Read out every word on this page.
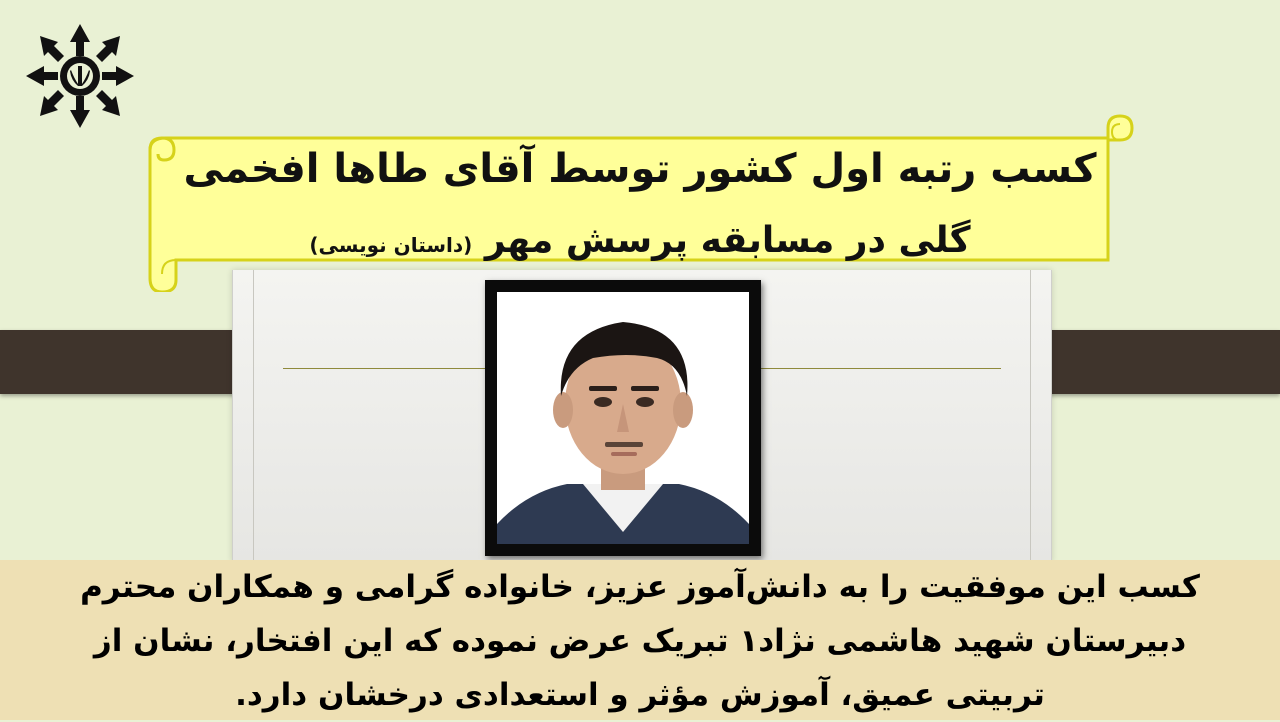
کسب رتبه اول کشور توسط آقای طاها افخمی
گلی در مسابقه پرسش مهر (داستان نویسی)
کسب این موفقیت را به دانش‌آموز عزیز، خانواده گرامی و همکاران محترم دبیرستان شهید هاشمی نژاد۱ تبریک عرض نموده که این افتخار، نشان از تربیتی عمیق، آموزش مؤثر و استعدادی درخشان دارد.
